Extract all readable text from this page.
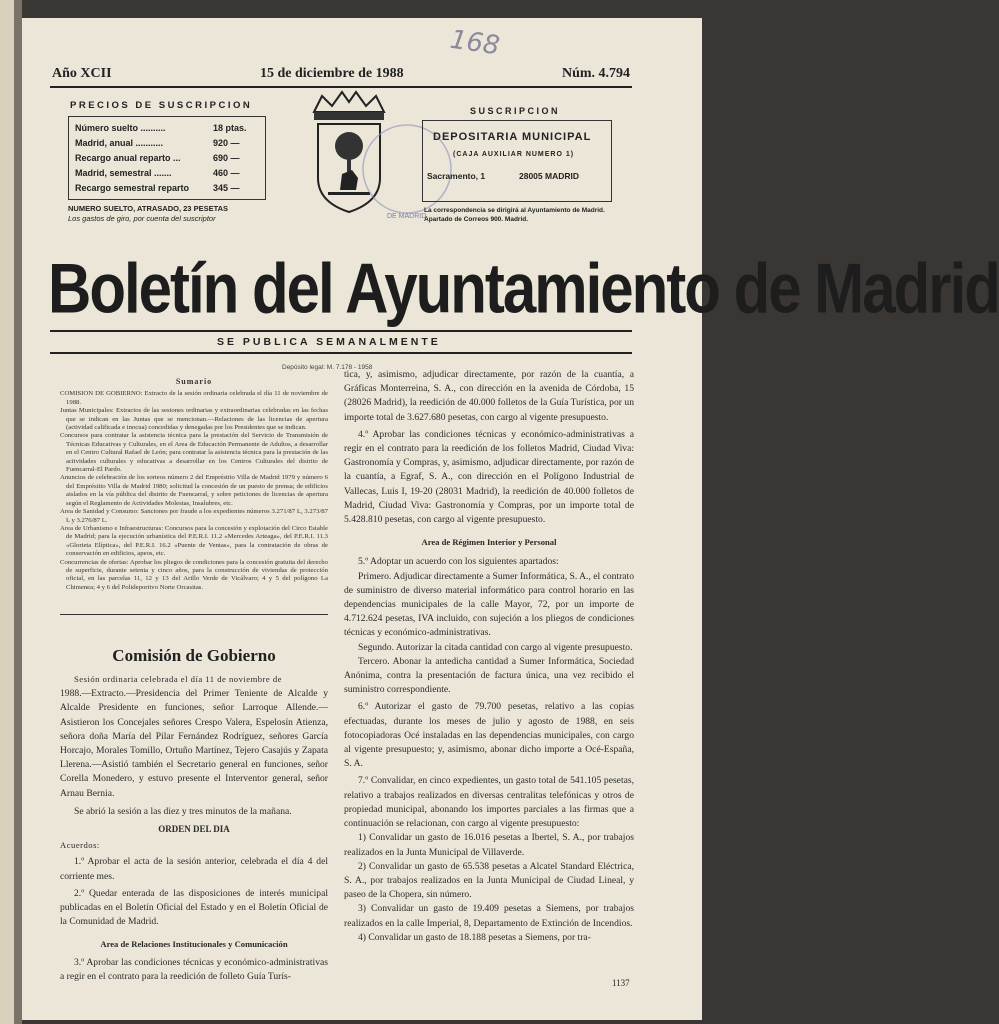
168
Año XCII	15 de diciembre de 1988	Núm. 4.794
PRECIOS DE SUSCRIPCION
Número suelto ..........	18 ptas.
Madrid, anual ...........	920 —
Recargo anual reparto ...	690 —
Madrid, semestral .......	460 —
Recargo semestral reparto	345 —
NUMERO SUELTO, ATRASADO, 23 PESETAS
Los gastos de giro, por cuenta del suscriptor	DE MADRID
SUSCRIPCION
DEPOSITARIA MUNICIPAL
(CAJA AUXILIAR NUMERO 1)
Sacramento, 1	28005 MADRID
La correspondencia se dirigirá al Ayuntamiento de Madrid. Apartado de Correos 900. Madrid.
Boletín del Ayuntamiento de Madrid
SE PUBLICA SEMANALMENTE
Depósito legal: M. 7.178 - 1958
Sumario

COMISION DE GOBIERNO: Extracto de la sesión ordinaria celebrada el día 11 de noviembre de 1988.

Juntas Municipales: Extractos de las sesiones ordinarias y extraordinarias celebradas en las fechas que se indican en las Juntas que se mencionan.—Relaciones de las licencias de apertura (actividad calificada e inocua) concedidas y denegadas por los Presidentes que se indican.

Concursos para contratar la asistencia técnica para la prestación del Servicio de Transmisión de Técnicas Educativas y Culturales, en el Area de Educación Permanente de Adultos, a desarrollar en el Centro Cultural Rafael de León; para contratar la asistencia técnica para la prestación de las actividades culturales y educativas a desarrollar en los Centros Culturales del distrito de Fuencarral-El Pardo.

Anuncios de celebración de los sorteos número 2 del Empréstito Villa de Madrid 1979 y número 6 del Empréstito Villa de Madrid 1980; solicitud la concesión de un puesto de prensa; de edificios aislados en la vía pública del distrito de Fuencarral, y sobre peticiones de licencias de apertura según el Reglamento de Actividades Molestas, Insalubres, etc.

Area de Sanidad y Consumo: Sanciones por fraude a los expedientes números 3.271/87 L, 3.273/87 L y 3.276/87 L.

Area de Urbanismo e Infraestructuras: Concursos para la concesión y explotación del Circo Estable de Madrid; para la ejecución urbanística del P.E.R.I. 11.2 «Mercedes Arteaga», del P.E.R.I. 11.3 «Glorieta Elíptica», del P.E.R.I. 16.2 «Puente de Ventas», para la contratación de obras de conservación en edificios, apeos, etc.

Concurrencias de ofertas: Aprobar los pliegos de condiciones para la concesión gratuita del derecho de superficie, durante setenta y cinco años, para la construcción de viviendas de protección oficial, en las parcelas 11, 12 y 13 del Arillo Verde de Vicálvaro; 4 y 5 del polígono La Chimenea; 4 y 6 del Polideportivo Norte Orcasitas.

Comisión de Gobierno

Sesión ordinaria celebrada el día 11 de noviembre de

1988.—Extracto.—Presidencia del Primer Teniente de Alcalde y Alcalde Presidente en funciones, señor Larroque Allende.—Asistieron los Concejales señores Crespo Valera, Espelosín Atienza, señora doña María del Pilar Fernández Rodríguez, señores García Horcajo, Morales Tomillo, Ortuño Martínez, Tejero Casajús y Zapata Llerena.—Asistió también el Secretario general en funciones, señor Corella Monedero, y estuvo presente el Interventor general, señor Arnau Bernia.

Se abrió la sesión a las diez y tres minutos de la mañana.

ORDEN DEL DIA

Acuerdos:

1.º Aprobar el acta de la sesión anterior, celebrada el día 4 del corriente mes.

2.º Quedar enterada de las disposiciones de interés municipal publicadas en el Boletín Oficial del Estado y en el Boletín Oficial de la Comunidad de Madrid.

Area de Relaciones Institucionales y Comunicación

3.º Aprobar las condiciones técnicas y económico-administrativas a regir en el contrato para la reedición de folleto Guía Turís-

tica, y, asimismo, adjudicar directamente, por razón de la cuantía, a Gráficas Monterreina, S. A., con dirección en la avenida de Córdoba, 15 (28026 Madrid), la reedición de 40.000 folletos de la Guía Turística, por un importe total de 3.627.680 pesetas, con cargo al vigente presupuesto.

4.º Aprobar las condiciones técnicas y económico-administrativas a regir en el contrato para la reedición de los folletos Madrid, Ciudad Viva: Gastronomía y Compras, y, asimismo, adjudicar directamente, por razón de la cuantía, a Egraf, S. A., con dirección en el Polígono Industrial de Vallecas, Luis I, 19-20 (28031 Madrid), la reedición de 40.000 folletos de Madrid, Ciudad Viva: Gastronomía y Compras, por un importe total de 5.428.810 pesetas, con cargo al vigente presupuesto.

Area de Régimen Interior y Personal

5.º Adoptar un acuerdo con los siguientes apartados:

Primero. Adjudicar directamente a Sumer Informática, S. A., el contrato de suministro de diverso material informático para control horario en las dependencias municipales de la calle Mayor, 72, por un importe de 4.712.624 pesetas, IVA incluido, con sujeción a los pliegos de condiciones técnicas y económico-administrativas.

Segundo. Autorizar la citada cantidad con cargo al vigente presupuesto.

Tercero. Abonar la antedicha cantidad a Sumer Informática, Sociedad Anónima, contra la presentación de factura única, una vez recibido el suministro correspondiente.

6.º Autorizar el gasto de 79.700 pesetas, relativo a las copias efectuadas, durante los meses de julio y agosto de 1988, en seis fotocopiadoras Océ instaladas en las dependencias municipales, con cargo al vigente presupuesto; y, asimismo, abonar dicho importe a Océ-España, S. A.

7.º Convalidar, en cinco expedientes, un gasto total de 541.105 pesetas, relativo a trabajos realizados en diversas centralitas telefónicas y otros de propiedad municipal, abonando los importes parciales a las firmas que a continuación se relacionan, con cargo al vigente presupuesto:

1) Convalidar un gasto de 16.016 pesetas a Ibertel, S. A., por trabajos realizados en la Junta Municipal de Villaverde.

2) Convalidar un gasto de 65.538 pesetas a Alcatel Standard Eléctrica, S. A., por trabajos realizados en la Junta Municipal de Ciudad Lineal, y paseo de la Chopera, sin número.

3) Convalidar un gasto de 19.409 pesetas a Siemens, por trabajos realizados en la calle Imperial, 8, Departamento de Extinción de Incendios.

4) Convalidar un gasto de 18.188 pesetas a Siemens, por tra-

1137
